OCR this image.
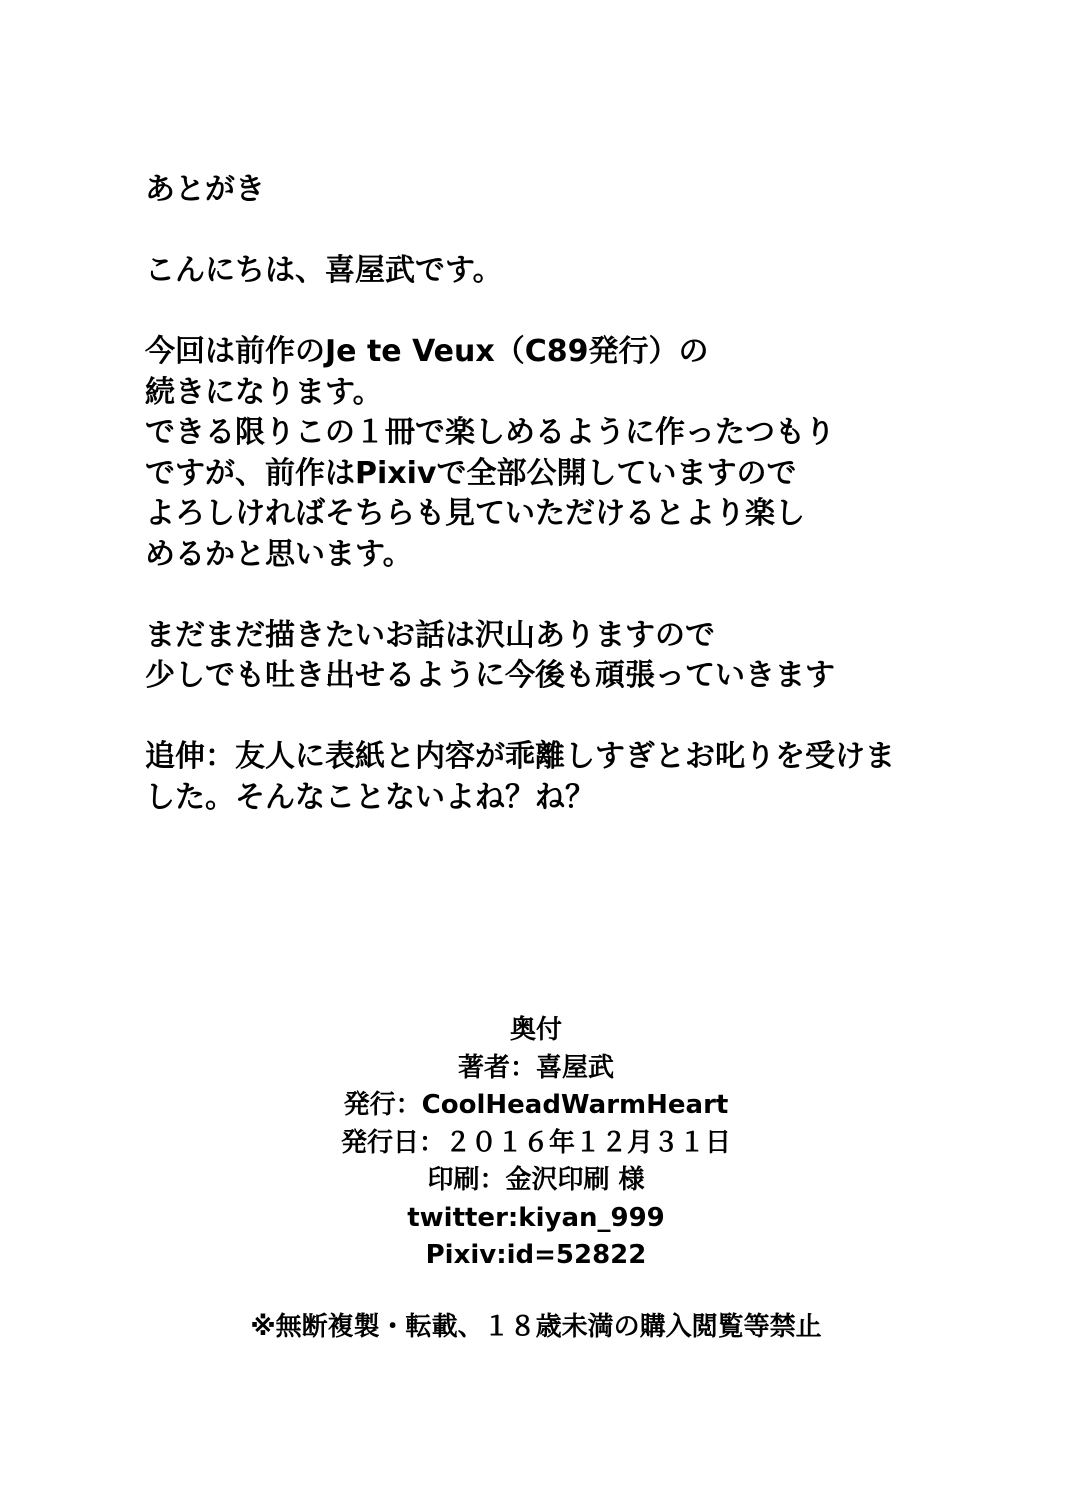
あとがき
こんにちは、喜屋武です。
今回は前作のJe te Veux（C89発行）の
続きになります。
できる限りこの１冊で楽しめるように作ったつもり
ですが、前作はPixivで全部公開していますので
よろしければそちらも見ていただけるとより楽し
めるかと思います。
まだまだ描きたいお話は沢山ありますので
少しでも吐き出せるように今後も頑張っていきます
追伸：友人に表紙と内容が乖離しすぎとお叱りを受けま
した。そんなことないよね？ね？
奥付
著者：喜屋武
発行：CoolHeadWarmHeart
発行日：２０１６年１２月３１日
印刷：金沢印刷 様
twitter:kiyan_999
Pixiv:id=52822
※無断複製・転載、１８歳未満の購入閲覧等禁止
